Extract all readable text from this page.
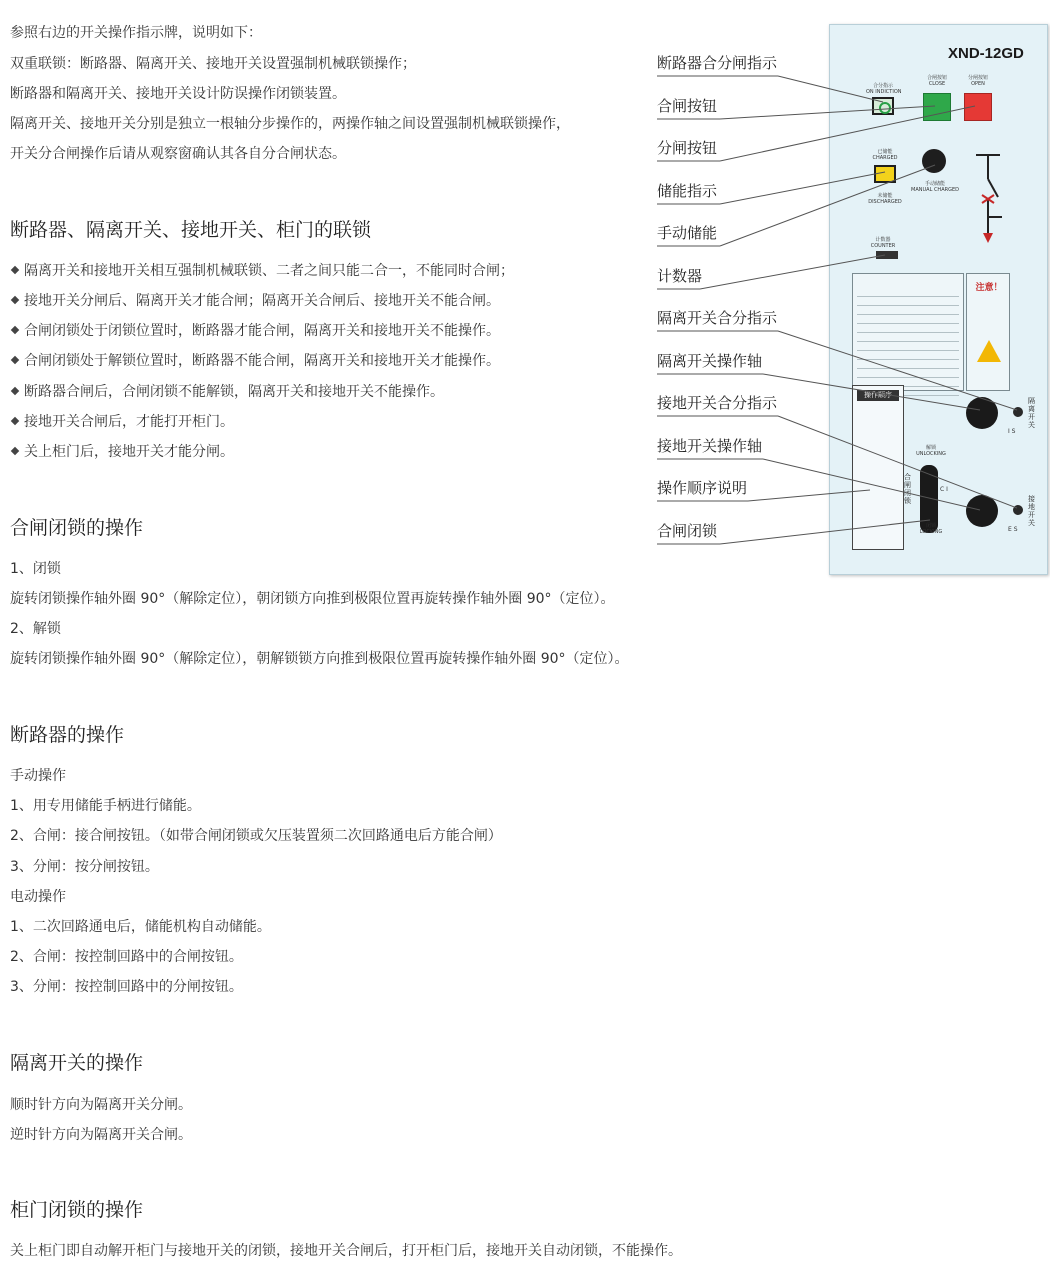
参照右边的开关操作指示牌，说明如下：
双重联锁：断路器、隔离开关、接地开关设置强制机械联锁操作；
断路器和隔离开关、接地开关设计防误操作闭锁装置。
隔离开关、接地开关分别是独立一根轴分步操作的，两操作轴之间设置强制机械联锁操作，
开关分合闸操作后请从观察窗确认其各自分合闸状态。
断路器、隔离开关、接地开关、柜门的联锁
隔离开关和接地开关相互强制机械联锁、二者之间只能二合一，不能同时合闸；
接地开关分闸后、隔离开关才能合闸；隔离开关合闸后、接地开关不能合闸。
合闸闭锁处于闭锁位置时，断路器才能合闸，隔离开关和接地开关不能操作。
合闸闭锁处于解锁位置时，断路器不能合闸，隔离开关和接地开关才能操作。
断路器合闸后，合闸闭锁不能解锁，隔离开关和接地开关不能操作。
接地开关合闸后，才能打开柜门。
关上柜门后，接地开关才能分闸。
合闸闭锁的操作
1、闭锁
旋转闭锁操作轴外圈 90°（解除定位），朝闭锁方向推到极限位置再旋转操作轴外圈 90°（定位）。
2、解锁
旋转闭锁操作轴外圈 90°（解除定位），朝解锁锁方向推到极限位置再旋转操作轴外圈 90°（定位）。
断路器的操作
手动操作
1、用专用储能手柄进行储能。
2、合闸：接合闸按钮。（如带合闸闭锁或欠压装置须二次回路通电后方能合闸）
3、分闸：按分闸按钮。
电动操作
1、二次回路通电后，储能机构自动储能。
2、合闸：按控制回路中的合闸按钮。
3、分闸：按控制回路中的分闸按钮。
隔离开关的操作
顺时针方向为隔离开关分闸。
逆时针方向为隔离开关合闸。
柜门闭锁的操作
关上柜门即自动解开柜门与接地开关的闭锁，接地开关合闸后，打开柜门后，接地开关自动闭锁，不能操作。
断路器合分闸指示
合闸按钮
分闸按钮
储能指示
手动储能
计数器
隔离开关合分指示
隔离开关操作轴
接地开关合分指示
接地开关操作轴
操作顺序说明
合闸闭锁
XND-12GD
合分指示
ON INDICTION
合闸按钮
CLOSE
分闸按钮
OPEN
已储能
CHARGED
未储能
DISCHARGED
手动储能
MANUAL CHARGED
计数器
COUNTER
注意！
操作顺序
隔离开关
I S
解锁
UNLOCKING
闭锁
LOCKING
合闸闭锁
C I
接地开关
E S
